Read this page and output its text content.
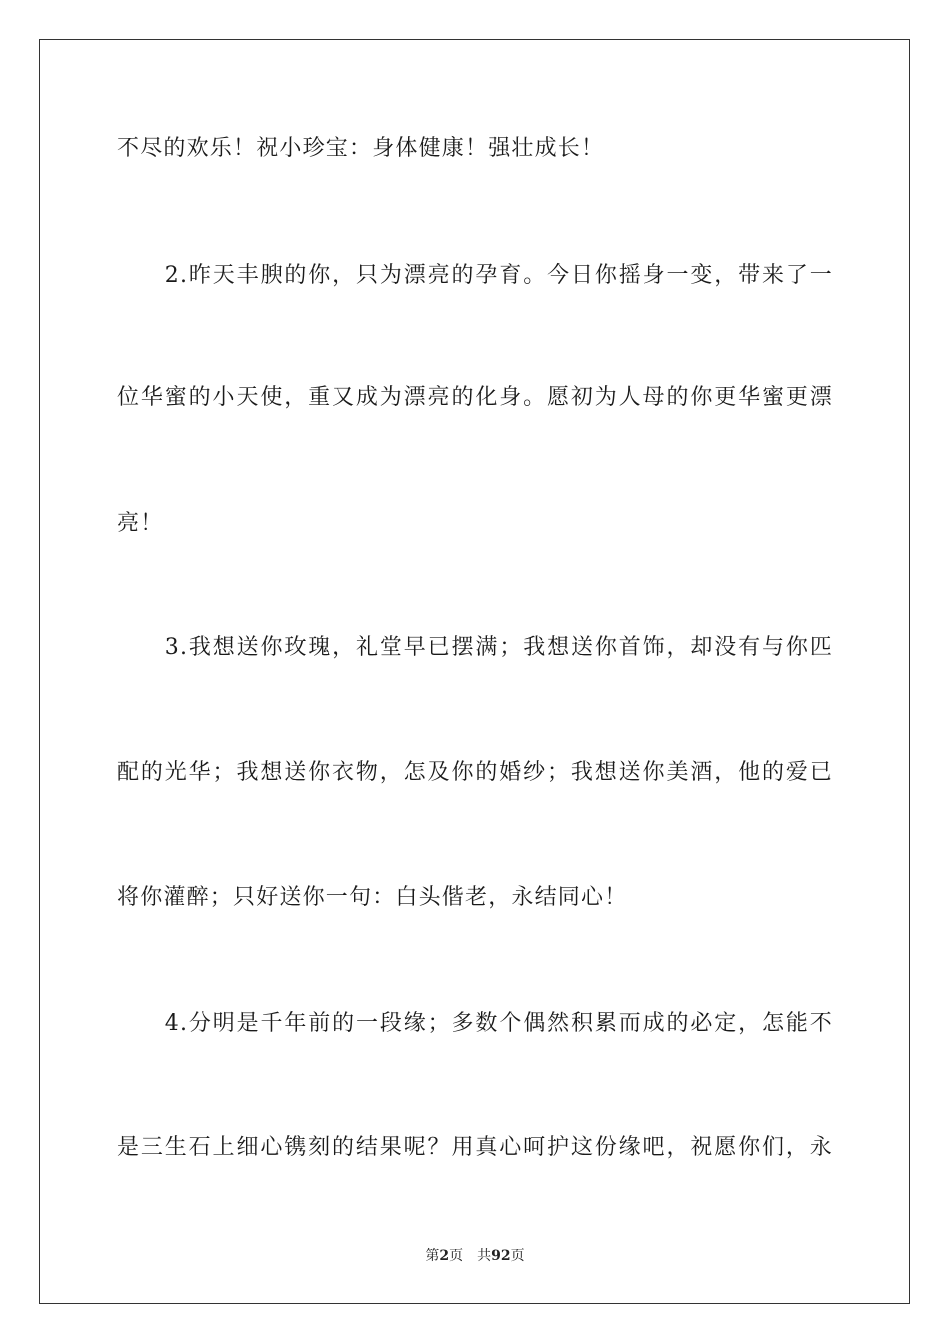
不尽的欢乐！祝小珍宝：身体健康！强壮成长！
　　2.昨天丰腴的你，只为漂亮的孕育。今日你摇身一变，带来了一
位华蜜的小天使，重又成为漂亮的化身。愿初为人母的你更华蜜更漂
亮！
　　3.我想送你玫瑰，礼堂早已摆满；我想送你首饰，却没有与你匹
配的光华；我想送你衣物，怎及你的婚纱；我想送你美酒，他的爱已
将你灌醉；只好送你一句：白头偕老，永结同心！
　　4.分明是千年前的一段缘；多数个偶然积累而成的必定，怎能不
是三生石上细心镌刻的结果呢？用真心呵护这份缘吧，祝愿你们，永
第2页 共92页
